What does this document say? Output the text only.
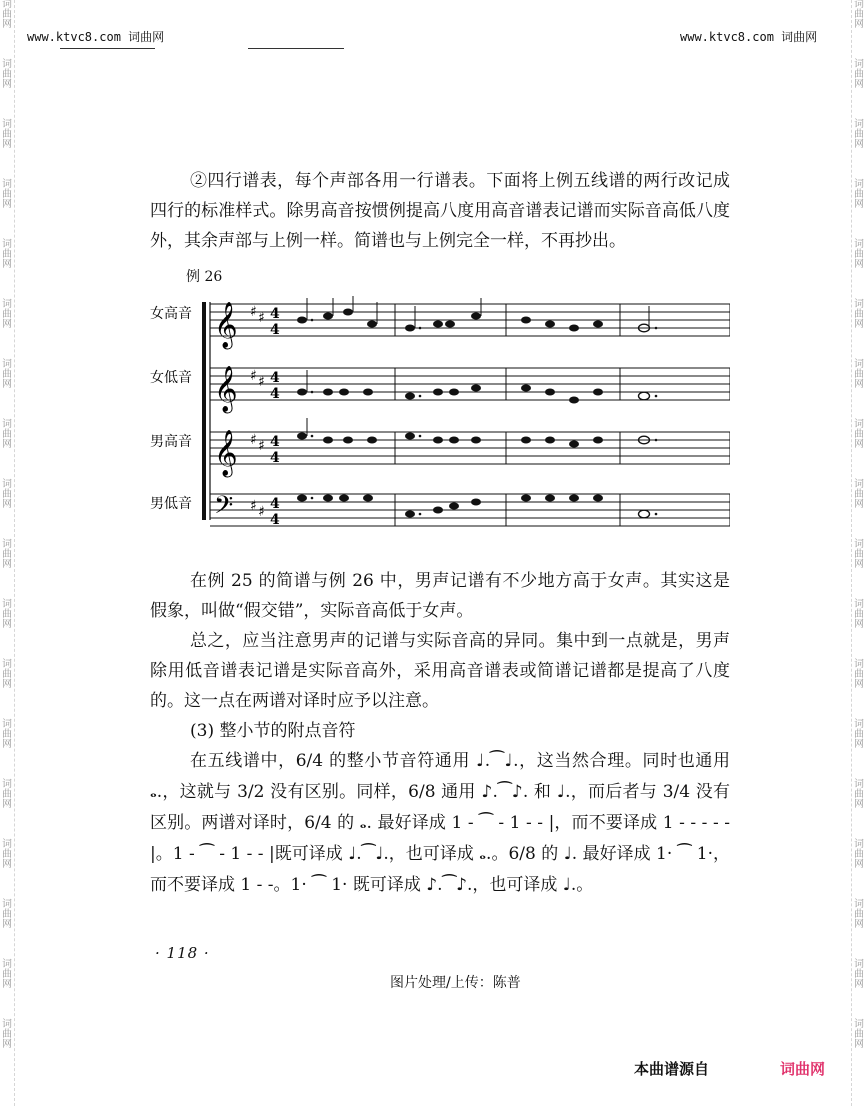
词
曲
网
词
曲
网
词
曲
网
词
曲
网
词
曲
网
词
曲
网
词
曲
网
词
曲
网
词
曲
网
词
曲
网
词
曲
网
词
曲
网
词
曲
网
词
曲
网
词
曲
网
词
曲
网
词
曲
网
词
曲
网
词
曲
网
词
曲
网
词
曲
网
词
曲
网
词
曲
网
词
曲
网
词
曲
网
词
曲
网
词
曲
网
词
曲
网
词
曲
网
词
曲
网
词
曲
网
词
曲
网
词
曲
网
词
曲
网
词
曲
网
词
曲
网
www.ktvc8.com 词曲网	www.ktvc8.com 词曲网
②四行谱表，每个声部各用一行谱表。下面将上例五线谱的两行改记成四行的标准样式。除男高音按惯例提高八度用高音谱表记谱而实际音高低八度外，其余声部与上例一样。简谱也与上例完全一样，不再抄出。
例 26
女高音
女低音
男高音
男低音
𝄞 ♯ ♯ 4
4
𝄞 ♯ ♯ 4
4
𝄞 ♯ ♯ 4
4
𝄢 ♯ ♯ 4
4
在例 25 的简谱与例 26 中，男声记谱有不少地方高于女声。其实这是假象，叫做“假交错”，实际音高低于女声。
总之，应当注意男声的记谱与实际音高的异同。集中到一点就是，男声除用低音谱表记谱是实际音高外，采用高音谱表或简谱记谱都是提高了八度的。这一点在两谱对译时应予以注意。
(3) 整小节的附点音符
在五线谱中，6/4 的整小节音符通用 ♩.⁀♩.，这当然合理。同时也通用 𝅝.，这就与 3/2 没有区别。同样，6/8 通用 ♪.⁀♪. 和 ♩.，而后者与 3/4 没有区别。两谱对译时，6/4 的 𝅝. 最好译成 1 - ⁀ - 1 - - |，而不要译成 1 - - - - - |。1 - ⁀ - 1 - - |既可译成 ♩.⁀♩.，也可译成 𝅝.。6/8 的 ♩. 最好译成 1· ⁀ 1·，而不要译成 1 - -。1· ⁀ 1· 既可译成 ♪.⁀♪.，也可译成 ♩.。
· 118 ·
图片处理/上传：陈普
本曲谱源自	词曲网
